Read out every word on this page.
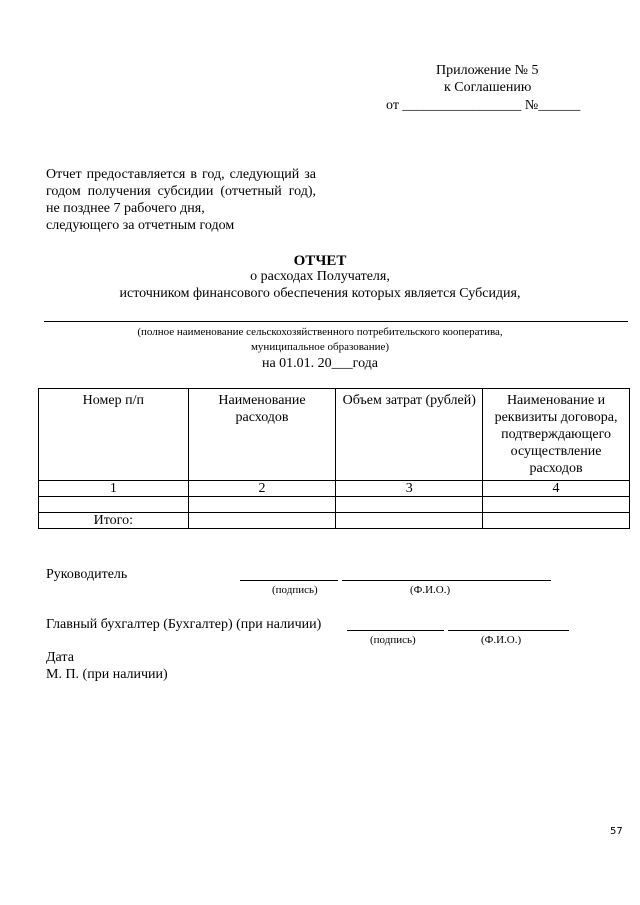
Приложение № 5
к Соглашению
от _________________ №______
Отчет предоставляется в год, следующий за годом получения субсидии (отчетный год), не позднее 7 рабочего дня,
следующего за отчетным годом
ОТЧЕТ
о расходах Получателя,
источником финансового обеспечения которых является Субсидия,
(полное наименование сельскохозяйственного потребительского кооператива,
муниципальное образование)
на 01.01. 20___года
Номер п/п	Наименование расходов	Объем затрат (рублей)	Наименование и реквизиты договора, подтверждающего осуществление расходов
1	2	3	4

Итого:			
Руководитель
(подпись)	(Ф.И.О.)
Главный бухгалтер (Бухгалтер) (при наличии)
(подпись)	(Ф.И.О.)
Дата
М. П. (при наличии)
57
